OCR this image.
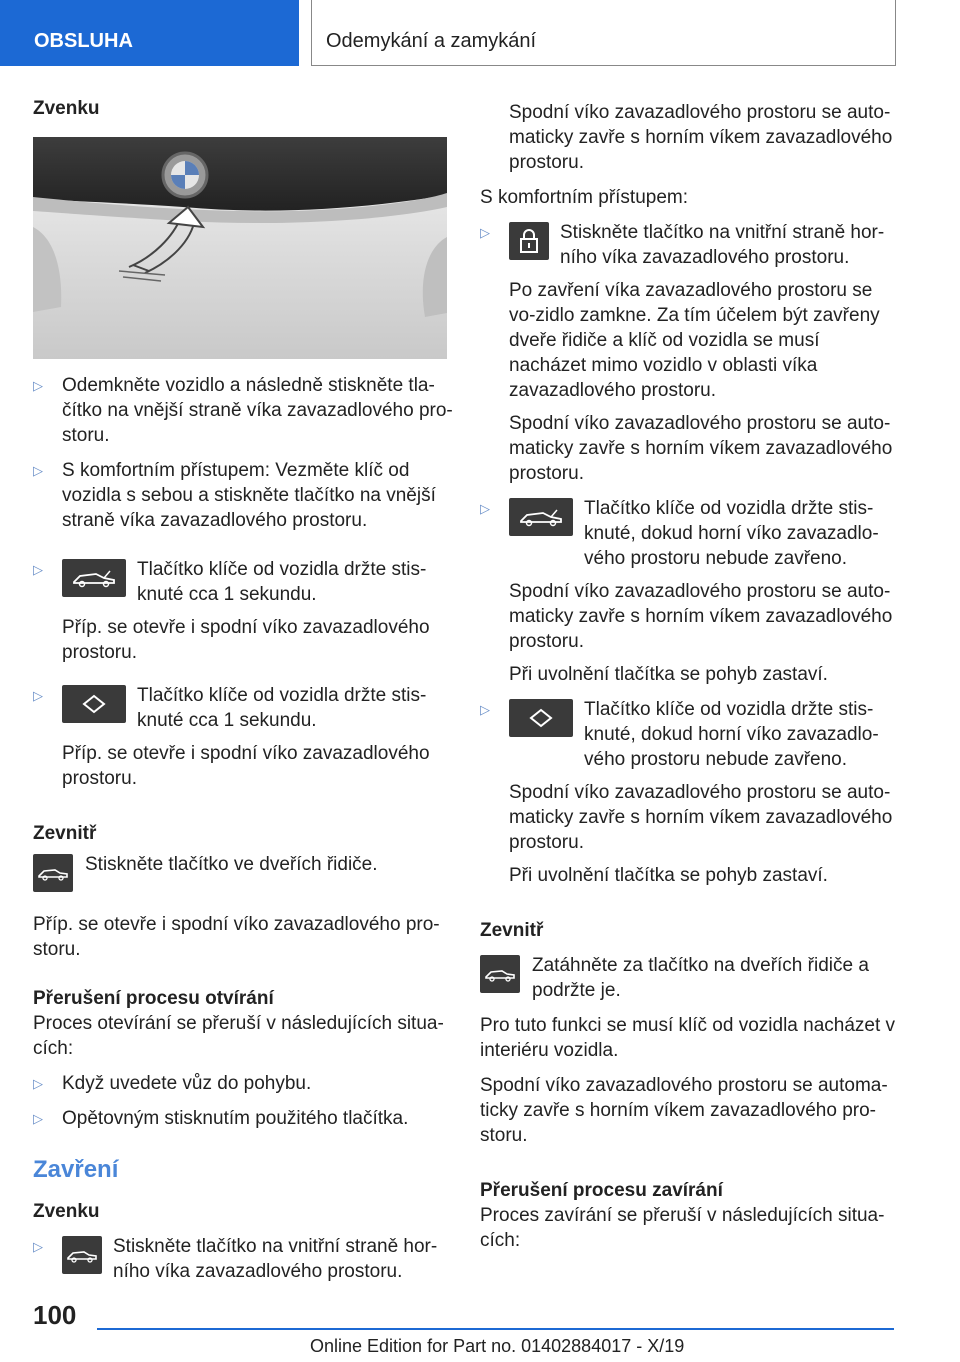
OBSLUHA	Odemykání a zamykání
Zvenku
▷ Odemkněte vozidlo a následně stiskněte tla-čítko na vnější straně víka zavazadlového pro-storu.
▷ S komfortním přístupem: Vezměte klíč od vozidla s sebou a stiskněte tlačítko na vnější straně víka zavazadlového prostoru.
▷	Tlačítko klíče od vozidla držte stis-knuté cca 1 sekundu.
Příp. se otevře i spodní víko zavazadlového prostoru.
▷	Tlačítko klíče od vozidla držte stis-knuté cca 1 sekundu.
Příp. se otevře i spodní víko zavazadlového prostoru.
Zevnitř
Stiskněte tlačítko ve dveřích řidiče.
Příp. se otevře i spodní víko zavazadlového pro-storu.
Přerušení procesu otvírání
Proces otevírání se přeruší v následujících situa-cích:
▷ Když uvedete vůz do pohybu.
▷ Opětovným stisknutím použitého tlačítka.
Zavření
Zvenku
▷	Stiskněte tlačítko na vnitřní straně hor-ního víka zavazadlového prostoru.
Spodní víko zavazadlového prostoru se auto-maticky zavře s horním víkem zavazadlového prostoru.
S komfortním přístupem:
▷	Stiskněte tlačítko na vnitřní straně hor-ního víka zavazadlového prostoru.
Po zavření víka zavazadlového prostoru se vo-zidlo zamkne. Za tím účelem být zavřeny dveře řidiče a klíč od vozidla se musí nacházet mimo vozidlo v oblasti víka zavazadlového prostoru.
Spodní víko zavazadlového prostoru se auto-maticky zavře s horním víkem zavazadlového prostoru.
▷	Tlačítko klíče od vozidla držte stis-knuté, dokud horní víko zavazadlo-vého prostoru nebude zavřeno.
Spodní víko zavazadlového prostoru se auto-maticky zavře s horním víkem zavazadlového prostoru.
Při uvolnění tlačítka se pohyb zastaví.
▷	Tlačítko klíče od vozidla držte stis-knuté, dokud horní víko zavazadlo-vého prostoru nebude zavřeno.
Spodní víko zavazadlového prostoru se auto-maticky zavře s horním víkem zavazadlového prostoru.
Při uvolnění tlačítka se pohyb zastaví.
Zevnitř
Zatáhněte za tlačítko na dveřích řidiče a podržte je.
Pro tuto funkci se musí klíč od vozidla nacházet v interiéru vozidla.
Spodní víko zavazadlového prostoru se automa-ticky zavře s horním víkem zavazadlového pro-storu.
Přerušení procesu zavírání
Proces zavírání se přeruší v následujících situa-cích:
100
Online Edition for Part no. 01402884017 - X/19
